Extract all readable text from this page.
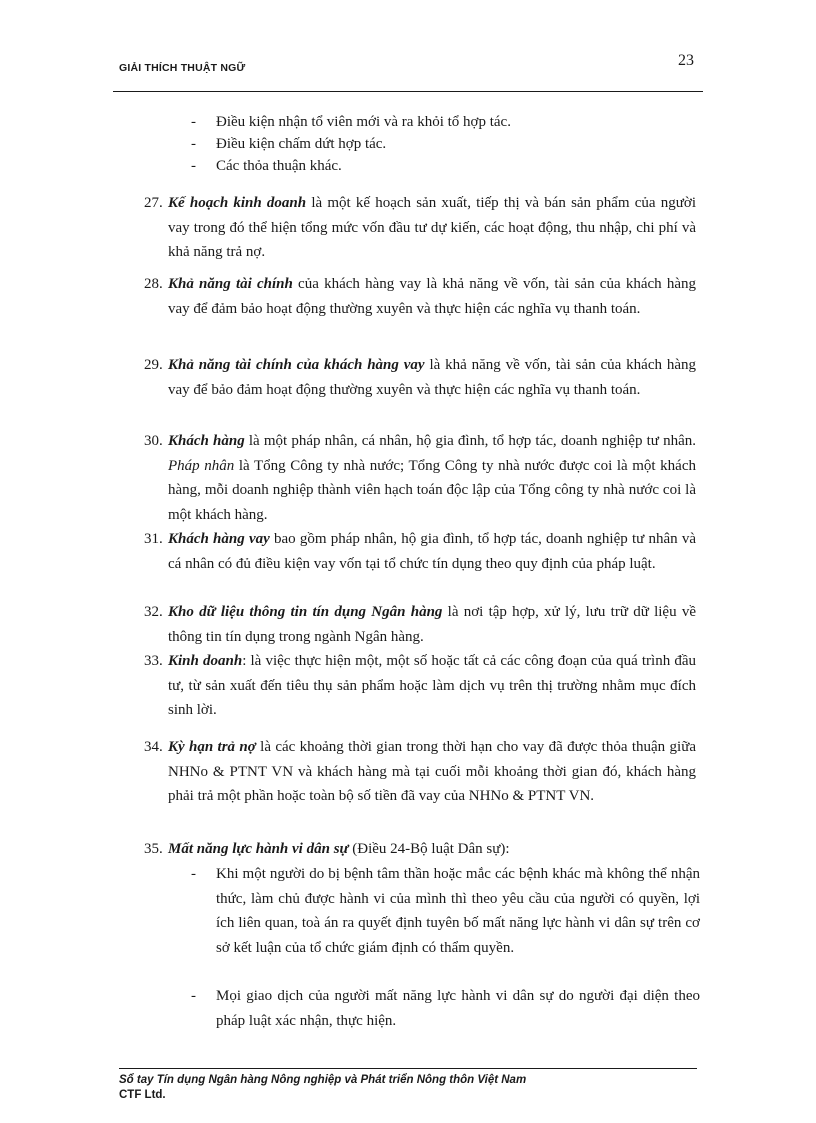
GIẢI THÍCH THUẬT NGỮ	23
- Điều kiện nhận tổ viên mới và ra khỏi tổ hợp tác.
- Điều kiện chấm dứt hợp tác.
- Các thỏa thuận khác.
27. Kế hoạch kinh doanh là một kế hoạch sản xuất, tiếp thị và bán sản phẩm của người vay trong đó thể hiện tổng mức vốn đầu tư dự kiến, các hoạt động, thu nhập, chi phí và khả năng trả nợ.
28. Khả năng tài chính của khách hàng vay là khả năng về vốn, tài sản của khách hàng vay để đảm bảo hoạt động thường xuyên và thực hiện các nghĩa vụ thanh toán.
29. Khả năng tài chính của khách hàng vay là khả năng về vốn, tài sản của khách hàng vay để bảo đảm hoạt động thường xuyên và thực hiện các nghĩa vụ thanh toán.
30. Khách hàng là một pháp nhân, cá nhân, hộ gia đình, tổ hợp tác, doanh nghiệp tư nhân. Pháp nhân là Tổng Công ty nhà nước; Tổng Công ty nhà nước được coi là một khách hàng, mỗi doanh nghiệp thành viên hạch toán độc lập của Tổng công ty nhà nước coi là một khách hàng.
31. Khách hàng vay bao gồm pháp nhân, hộ gia đình, tổ hợp tác, doanh nghiệp tư nhân và cá nhân có đủ điều kiện vay vốn tại tổ chức tín dụng theo quy định của pháp luật.
32. Kho dữ liệu thông tin tín dụng Ngân hàng là nơi tập hợp, xử lý, lưu trữ dữ liệu về thông tin tín dụng trong ngành Ngân hàng.
33. Kinh doanh: là việc thực hiện một, một số hoặc tất cả các công đoạn của quá trình đầu tư, từ sản xuất đến tiêu thụ sản phẩm hoặc làm dịch vụ trên thị trường nhằm mục đích sinh lời.
34. Kỳ hạn trả nợ là các khoảng thời gian trong thời hạn cho vay đã được thỏa thuận giữa NHNo & PTNT VN và khách hàng mà tại cuối mỗi khoảng thời gian đó, khách hàng phải trả một phần hoặc toàn bộ số tiền đã vay của NHNo & PTNT VN.
35. Mất năng lực hành vi dân sự (Điều 24-Bộ luật Dân sự):
- Khi một người do bị bệnh tâm thần hoặc mắc các bệnh khác mà không thể nhận thức, làm chủ được hành vi của mình thì theo yêu cầu của người có quyền, lợi ích liên quan, toà án ra quyết định tuyên bố mất năng lực hành vi dân sự trên cơ sở kết luận của tổ chức giám định có thẩm quyền.
- Mọi giao dịch của người mất năng lực hành vi dân sự do người đại diện theo pháp luật xác nhận, thực hiện.
Sổ tay Tín dụng Ngân hàng Nông nghiệp và Phát triển Nông thôn Việt Nam
CTF Ltd.
